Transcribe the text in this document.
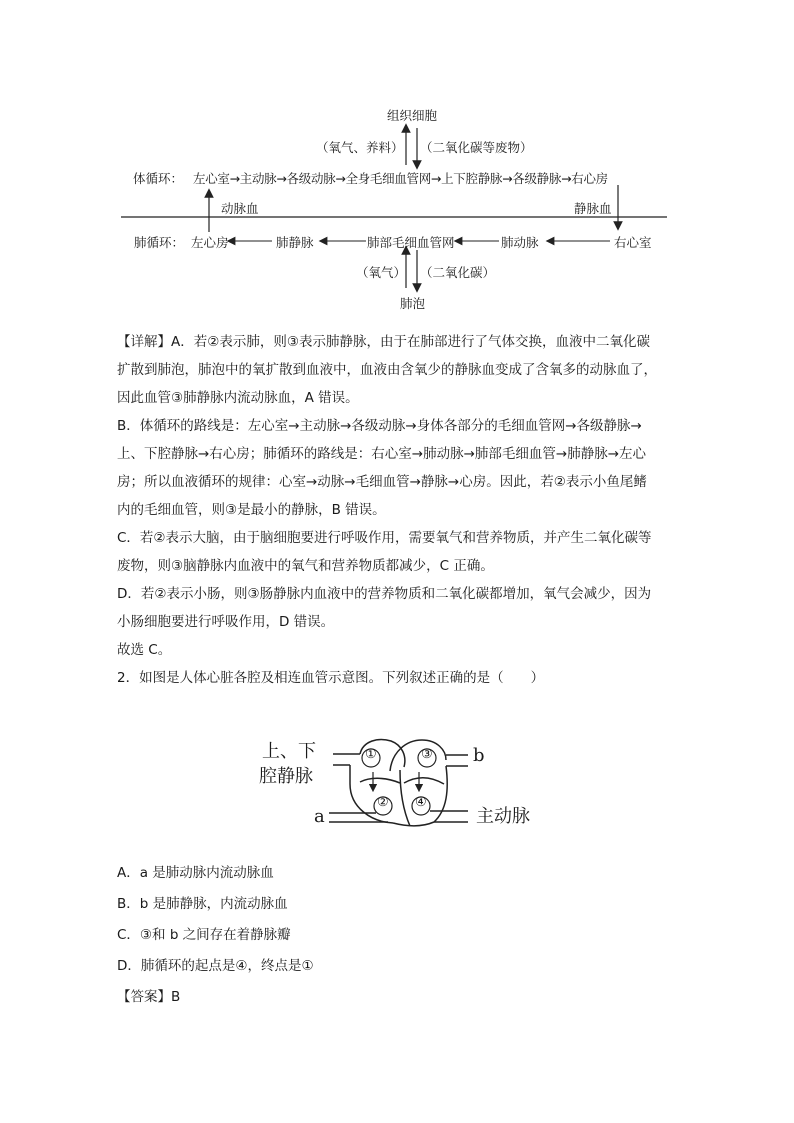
组织细胞
（氧气、养料） （二氧化碳等废物）
体循环： 左心室→主动脉→各级动脉→全身毛细血管网→上下腔静脉→各级静脉→右心房
动脉血	静脉血
肺循环： 左心房	肺静脉	肺部毛细血管网	肺动脉	右心室
（氧气） （二氧化碳）
肺泡
【详解】A．若②表示肺，则③表示肺静脉，由于在肺部进行了气体交换，血液中二氧化碳
扩散到肺泡，肺泡中的氧扩散到血液中，血液由含氧少的静脉血变成了含氧多的动脉血了，
因此血管③肺静脉内流动脉血，A 错误。
B．体循环的路线是：左心室→主动脉→各级动脉→身体各部分的毛细血管网→各级静脉→
上、下腔静脉→右心房；肺循环的路线是：右心室→肺动脉→肺部毛细血管→肺静脉→左心
房；所以血液循环的规律：心室→动脉→毛细血管→静脉→心房。因此，若②表示小鱼尾鳍
内的毛细血管，则③是最小的静脉，B 错误。
C．若②表示大脑，由于脑细胞要进行呼吸作用，需要氧气和营养物质，并产生二氧化碳等
废物，则③脑静脉内血液中的氧气和营养物质都减少，C 正确。
D．若②表示小肠，则③肠静脉内血液中的营养物质和二氧化碳都增加，氧气会减少，因为
小肠细胞要进行呼吸作用，D 错误。
故选 C。
2．如图是人体心脏各腔及相连血管示意图。下列叙述正确的是（　　）
①
②
③
④
上、下
腔静脉
b
a	主动脉
A．a 是肺动脉内流动脉血
B．b 是肺静脉，内流动脉血
C．③和 b 之间存在着静脉瓣
D．肺循环的起点是④，终点是①
【答案】B
